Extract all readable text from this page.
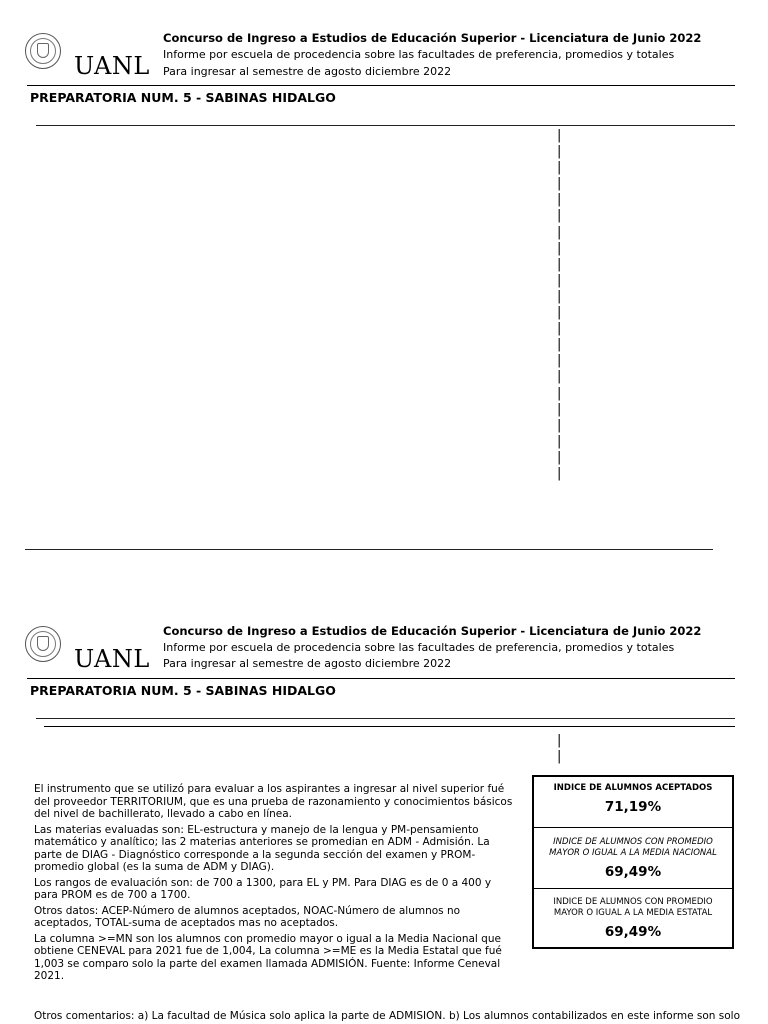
UANL
Concurso de Ingreso a Estudios de Educación Superior - Licenciatura de Junio 2022
Informe por escuela de procedencia sobre las facultades de preferencia, promedios y totales
Para ingresar al semestre de agosto diciembre 2022
PREPARATORIA NUM. 5 - SABINAS HIDALGO
|
|
|
|
|
|
|
|
|
|
|
|
|
|
|
|
|
|
|
|
|
|
UANL
Concurso de Ingreso a Estudios de Educación Superior - Licenciatura de Junio 2022
Informe por escuela de procedencia sobre las facultades de preferencia, promedios y totales
Para ingresar al semestre de agosto diciembre 2022
PREPARATORIA NUM. 5 - SABINAS HIDALGO
|
|

El instrumento que se utilizó para evaluar a los aspirantes a ingresar al nivel superior fué del proveedor TERRITORIUM, que es una prueba de razonamiento y conocimientos básicos del nivel de bachillerato, llevado a cabo en línea.

Las materias evaluadas son: EL-estructura y manejo de la lengua y PM-pensamiento matemático y analítico; las 2 materias anteriores se promedian en ADM - Admisión. La parte de DIAG - Diagnóstico corresponde a la segunda sección del examen y PROM-promedio global (es la suma de ADM y DIAG).

Los rangos de evaluación son: de 700 a 1300, para EL y PM. Para DIAG es de 0 a 400 y para PROM es de 700 a 1700.

Otros datos: ACEP-Número de alumnos aceptados, NOAC-Número de alumnos no aceptados, TOTAL-suma de aceptados mas no aceptados.

La columna >=MN son los alumnos con promedio mayor o igual a la Media Nacional que obtiene CENEVAL para 2021 fue de 1,004, La columna >=ME es la Media Estatal que fué 1,003 se comparo solo la parte del examen llamada ADMISIÓN. Fuente: Informe Ceneval 2021.

Otros comentarios: a) La facultad de Música solo aplica la parte de ADMISIÓN. b) Los alumnos contabilizados en este informe son solo
INDICE DE ALUMNOS ACEPTADOS
71,19%
INDICE DE ALUMNOS CON PROMEDIO MAYOR O IGUAL A LA MEDIA NACIONAL
69,49%
INDICE DE ALUMNOS CON PROMEDIO MAYOR O IGUAL A LA MEDIA ESTATAL
69,49%
